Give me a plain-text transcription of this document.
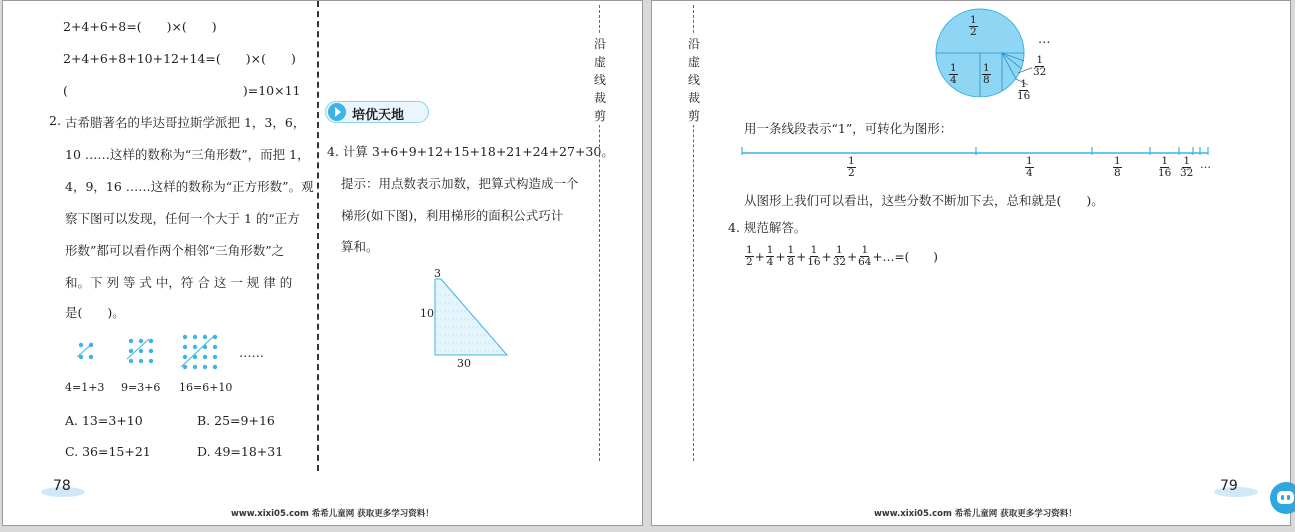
2+4+6+8=(　　)×(　　)
2+4+6+8+10+12+14=(　　)×(　　)
(　　　　　　　　　　　　　　)=10×11
2. 古希腊著名的毕达哥拉斯学派把 1，3，6，
10 ……这样的数称为“三角形数”，而把 1，
4，9，16 ……这样的数称为“正方形数”。观
察下图可以发现，任何一个大于 1 的“正方
形数”都可以看作两个相邻“三角形数”之
和。下 列 等 式 中，符 合 这 一 规 律 的
是(　　)。
……
4=1+3 9=3+6 16=6+10
A. 13=3+10	B. 25=9+16
C. 36=15+21	D. 49=18+31
培优天地
4. 计算 3+6+9+12+15+18+21+24+27+30。
提示：用点数表示加数，把算式构造成一个
梯形(如下图)，利用梯形的面积公式巧计
算和。
3
10
30
沿
虚
线
裁
剪
78
www.xixi05.com 希希儿童网 获取更多学习资料！
沿
虚
线
裁
剪
$\frac{1}{2}$
$\frac{1}{4} \frac{1}{8}$
$\frac{1}{16}$
$\frac{1}{32}$
…
用一条线段表示“1”，可转化为图形：
$\frac{1}{2}$	$\frac{1}{4}$	$\frac{1}{8}$	$\frac{1}{16} \frac{1}{32}$ …
从图形上我们可以看出，这些分数不断加下去，总和就是(　　)。
4. 规范解答。
$\frac{1}{2} + \frac{1}{4} + \frac{1}{8} + \frac{1}{16} + \frac{1}{32} + \frac{1}{64}$ +…=(　　)
79
www.xixi05.com 希希儿童网 获取更多学习资料！
